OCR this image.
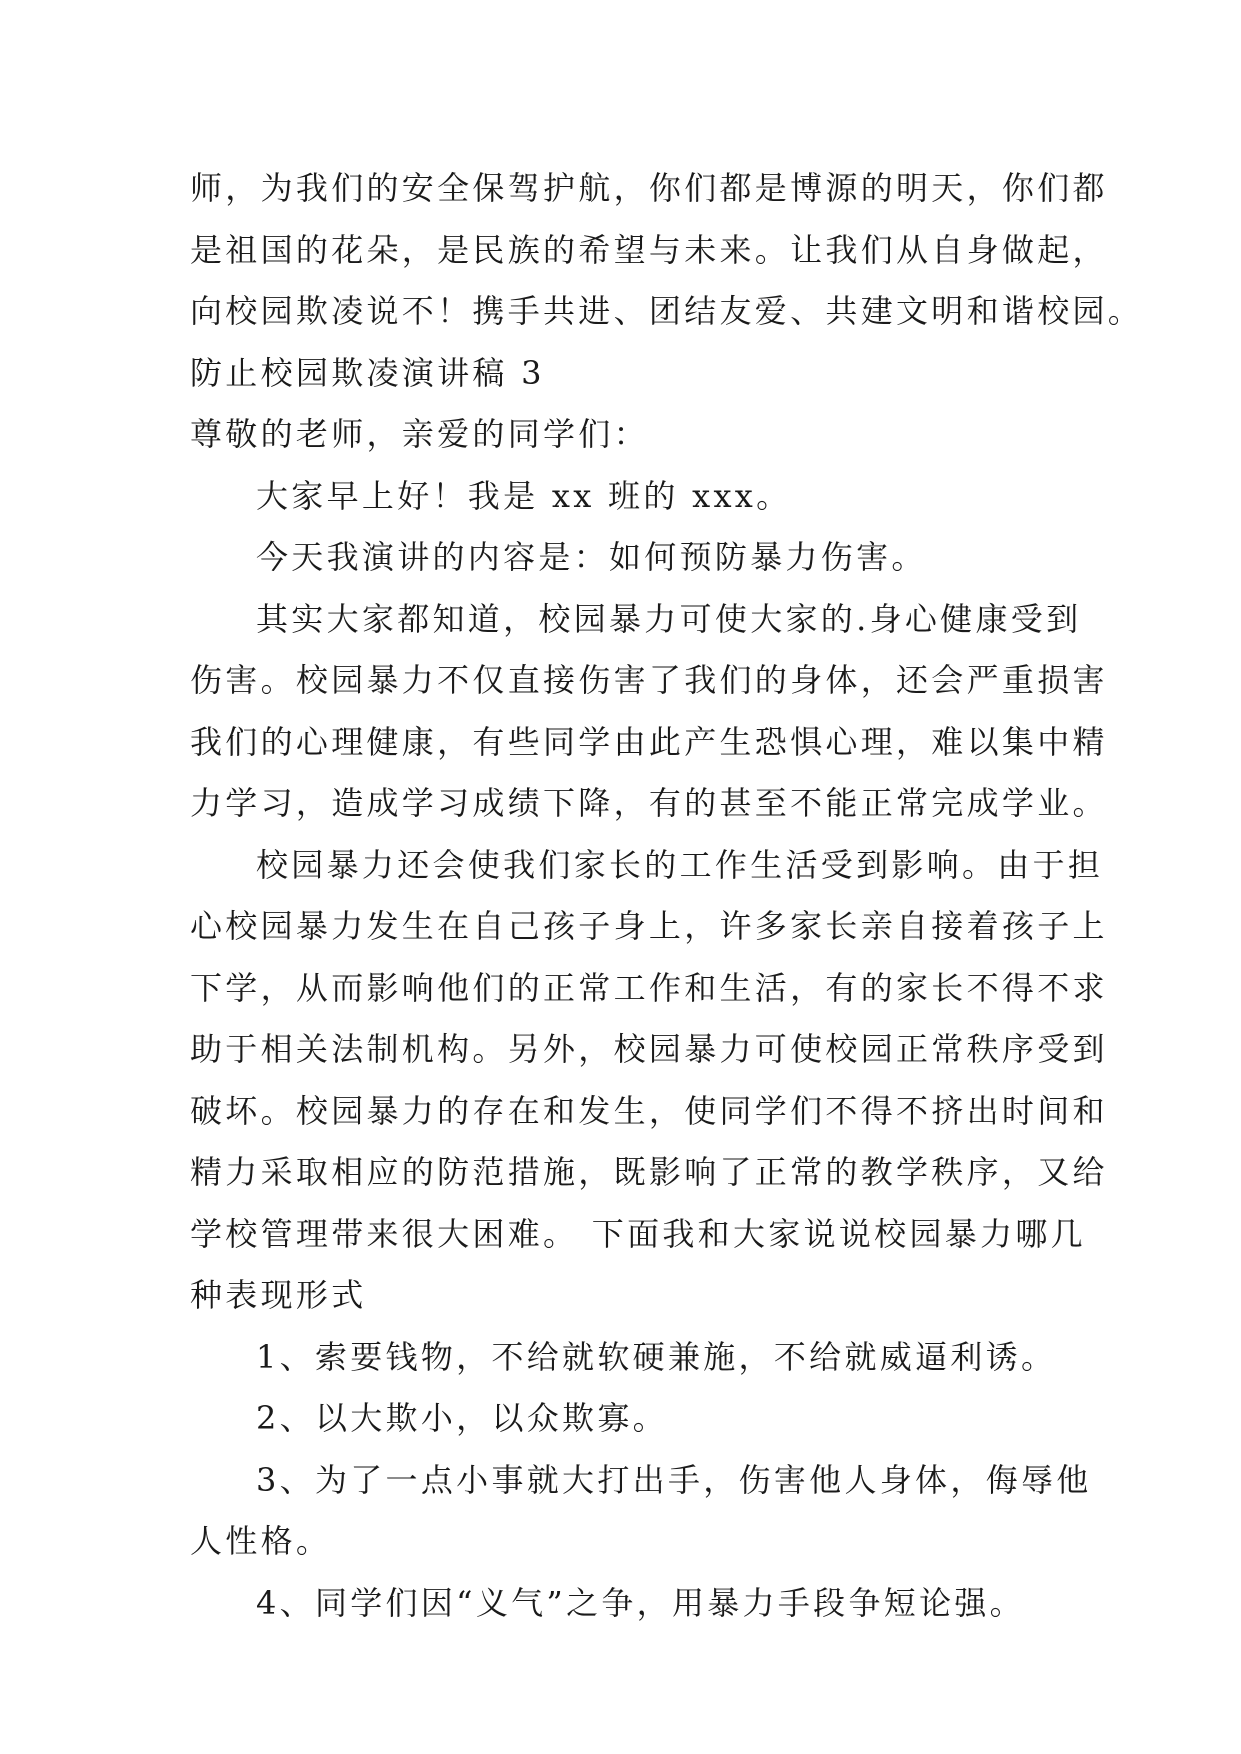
师，为我们的安全保驾护航，你们都是博源的明天，你们都
是祖国的花朵，是民族的希望与未来。让我们从自身做起，
向校园欺凌说不！携手共进、团结友爱、共建文明和谐校园。
防止校园欺凌演讲稿 3
尊敬的老师，亲爱的同学们：
大家早上好！我是 xx 班的 xxx。
今天我演讲的内容是：如何预防暴力伤害。
其实大家都知道，校园暴力可使大家的.身心健康受到
伤害。校园暴力不仅直接伤害了我们的身体，还会严重损害
我们的心理健康，有些同学由此产生恐惧心理，难以集中精
力学习，造成学习成绩下降，有的甚至不能正常完成学业。
校园暴力还会使我们家长的工作生活受到影响。由于担
心校园暴力发生在自己孩子身上，许多家长亲自接着孩子上
下学，从而影响他们的正常工作和生活，有的家长不得不求
助于相关法制机构。另外，校园暴力可使校园正常秩序受到
破坏。校园暴力的存在和发生，使同学们不得不挤出时间和
精力采取相应的防范措施，既影响了正常的教学秩序，又给
学校管理带来很大困难。 下面我和大家说说校园暴力哪几
种表现形式
1、索要钱物，不给就软硬兼施，不给就威逼利诱。
2、以大欺小，以众欺寡。
3、为了一点小事就大打出手，伤害他人身体，侮辱他
人性格。
4、同学们因“义气”之争，用暴力手段争短论强。
